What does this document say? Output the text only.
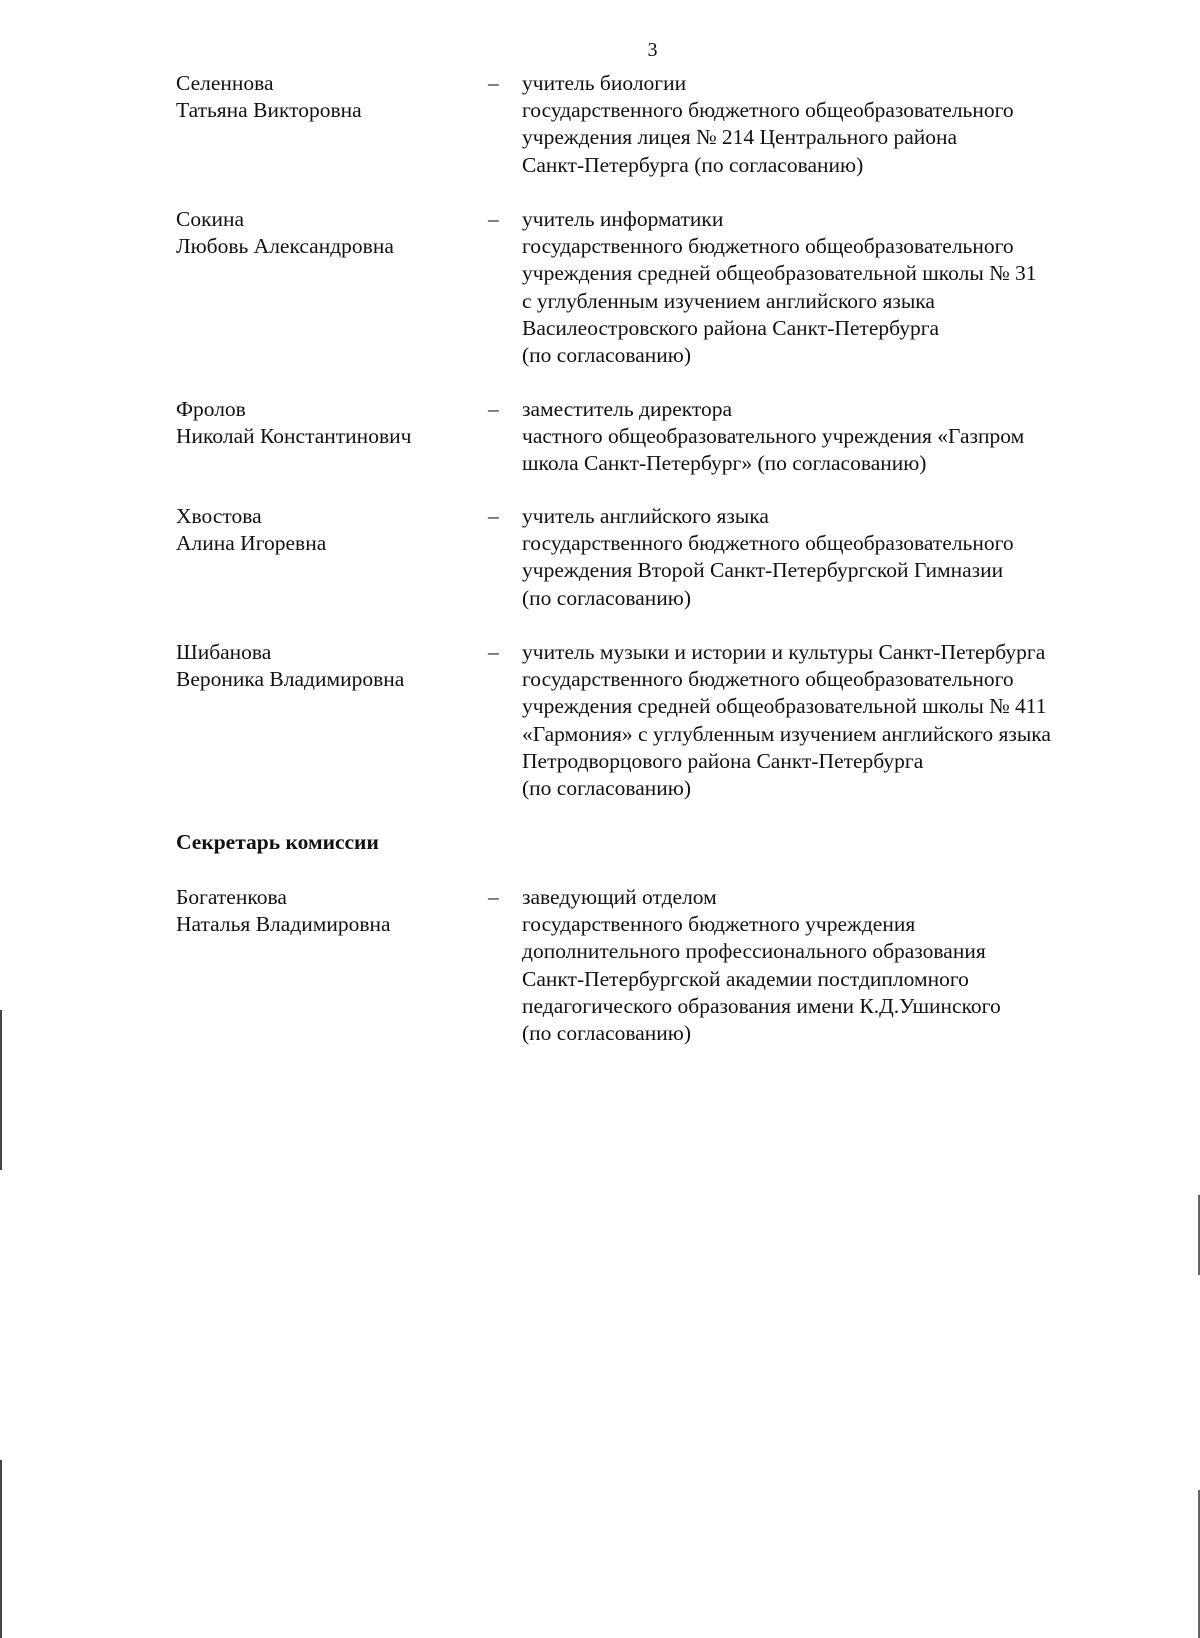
3
Селеннова
Татьяна Викторовна
– учитель биологии
государственного бюджетного общеобразовательного
учреждения лицея № 214 Центрального района
Санкт-Петербурга (по согласованию)
Сокина
Любовь Александровна
– учитель информатики
государственного бюджетного общеобразовательного
учреждения средней общеобразовательной школы № 31
с углубленным изучением английского языка
Василеостровского района Санкт-Петербурга
(по согласованию)
Фролов
Николай Константинович
– заместитель директора
частного общеобразовательного учреждения «Газпром
школа Санкт-Петербург» (по согласованию)
Хвостова
Алина Игоревна
– учитель английского языка
государственного бюджетного общеобразовательного
учреждения Второй Санкт-Петербургской Гимназии
(по согласованию)
Шибанова
Вероника Владимировна
– учитель музыки и истории и культуры Санкт-Петербурга
государственного бюджетного общеобразовательного
учреждения средней общеобразовательной школы № 411
«Гармония» с углубленным изучением английского языка
Петродворцового района Санкт-Петербурга
(по согласованию)
Секретарь комиссии
Богатенкова
Наталья Владимировна
– заведующий отделом
государственного бюджетного учреждения
дополнительного профессионального образования
Санкт-Петербургской академии постдипломного
педагогического образования имени К.Д.Ушинского
(по согласованию)
